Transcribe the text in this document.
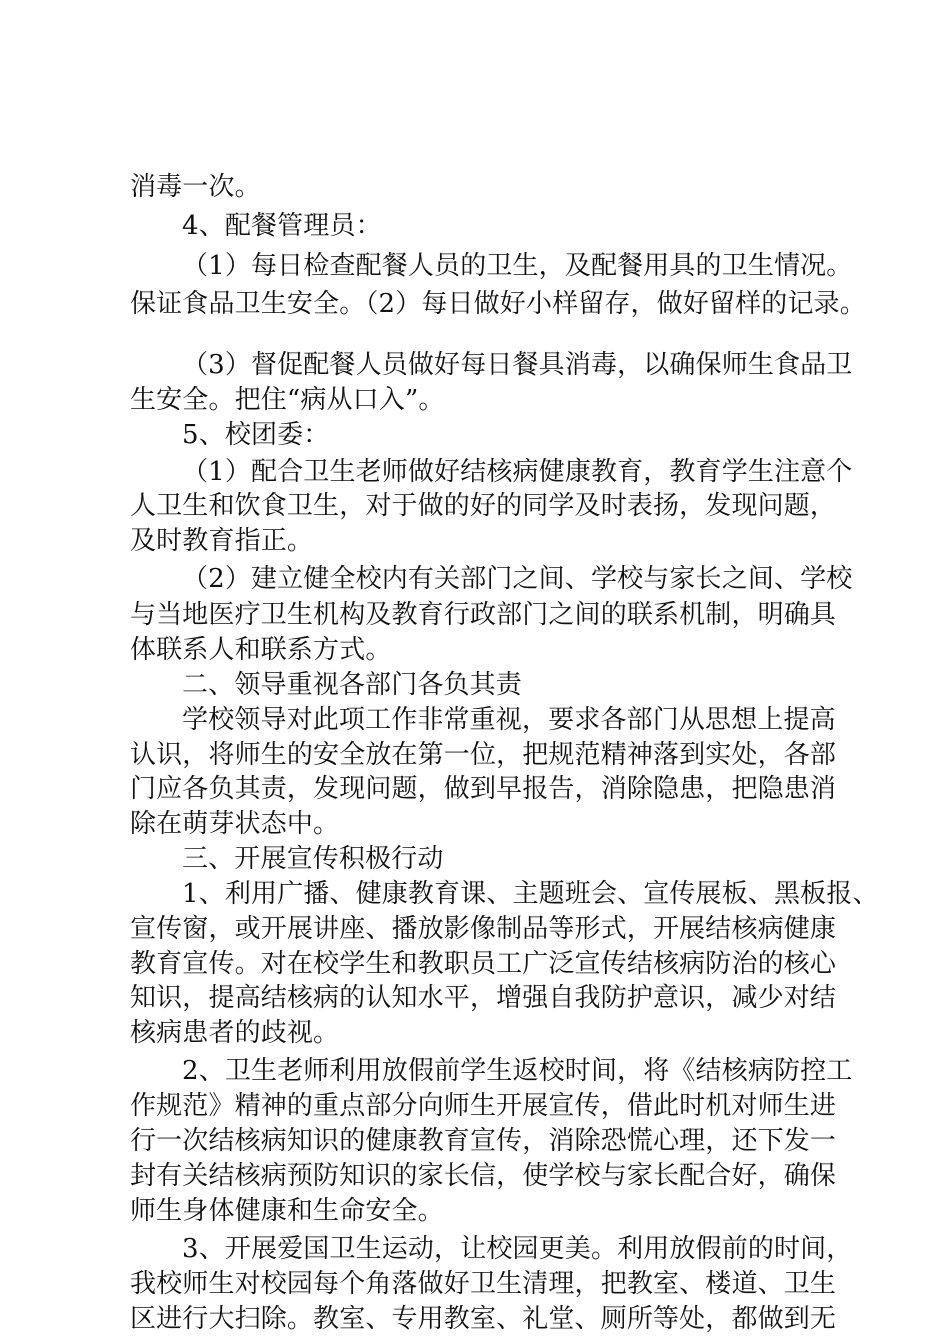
消毒一次。
4、配餐管理员：
（1）每日检查配餐人员的卫生，及配餐用具的卫生情况。
保证食品卫生安全。（2）每日做好小样留存，做好留样的记录。
（3）督促配餐人员做好每日餐具消毒，以确保师生食品卫
生安全。把住“病从口入”。
5、校团委：
（1）配合卫生老师做好结核病健康教育，教育学生注意个
人卫生和饮食卫生，对于做的好的同学及时表扬，发现问题，
及时教育指正。
（2）建立健全校内有关部门之间、学校与家长之间、学校
与当地医疗卫生机构及教育行政部门之间的联系机制，明确具
体联系人和联系方式。
二、领导重视各部门各负其责
学校领导对此项工作非常重视，要求各部门从思想上提高
认识，将师生的安全放在第一位，把规范精神落到实处，各部
门应各负其责，发现问题，做到早报告，消除隐患，把隐患消
除在萌芽状态中。
三、开展宣传积极行动
1、利用广播、健康教育课、主题班会、宣传展板、黑板报、
宣传窗，或开展讲座、播放影像制品等形式，开展结核病健康
教育宣传。对在校学生和教职员工广泛宣传结核病防治的核心
知识，提高结核病的认知水平，增强自我防护意识，减少对结
核病患者的歧视。
2、卫生老师利用放假前学生返校时间，将《结核病防控工
作规范》精神的重点部分向师生开展宣传，借此时机对师生进
行一次结核病知识的健康教育宣传，消除恐慌心理，还下发一
封有关结核病预防知识的家长信，使学校与家长配合好，确保
师生身体健康和生命安全。
3、开展爱国卫生运动，让校园更美。利用放假前的时间，
我校师生对校园每个角落做好卫生清理，把教室、楼道、卫生
区进行大扫除。教室、专用教室、礼堂、厕所等处，都做到无
